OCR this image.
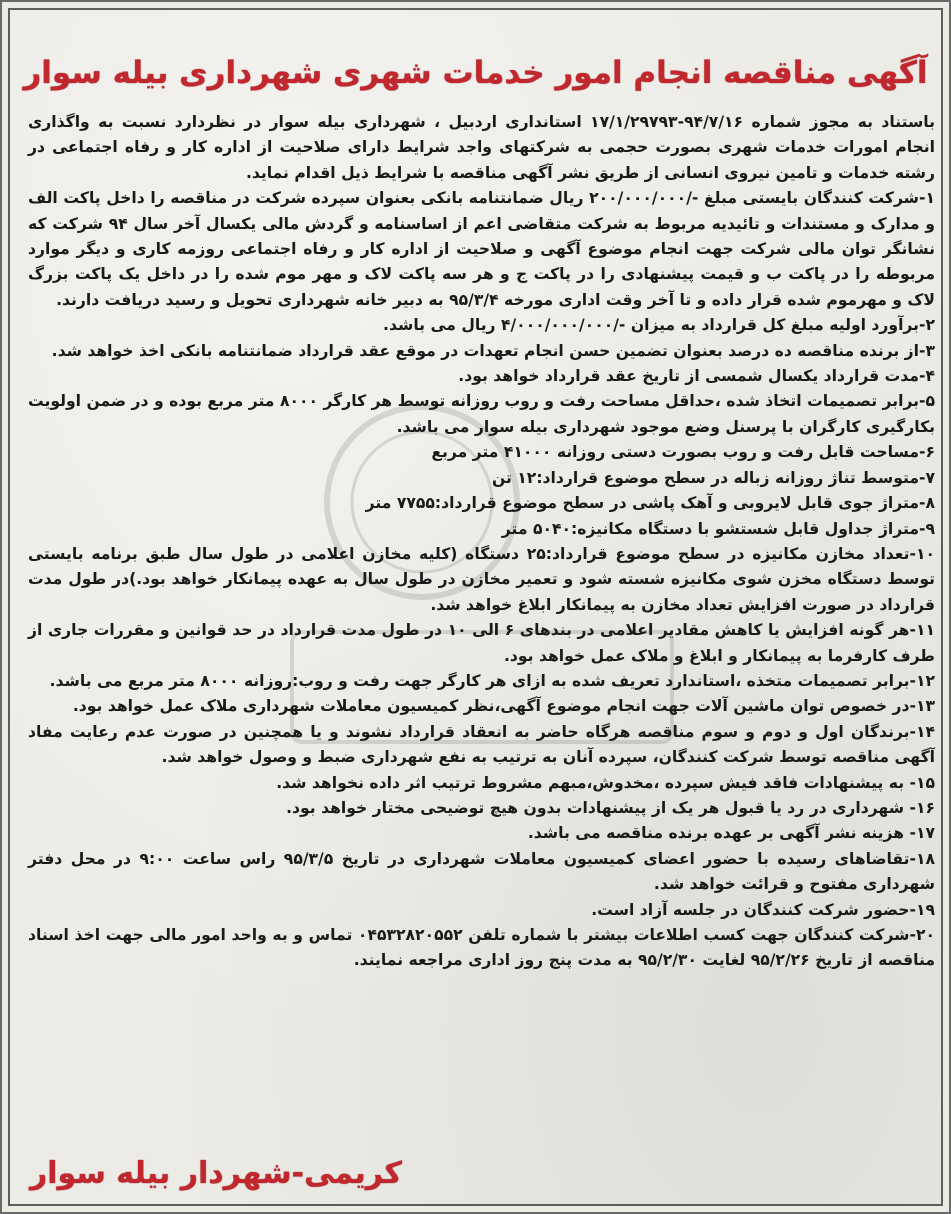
آگهی مناقصه انجام امور خدمات شهری شهرداری بیله سوار

باستناد به مجوز شماره ۹۴/۷/۱۶-۱۷/۱/۲۹۷۹۳ استانداری اردبیل ، شهرداری بیله سوار در نظردارد نسبت به واگذاری انجام امورات خدمات شهری بصورت حجمی به شرکتهای واجد شرایط دارای صلاحیت از اداره کار و رفاه اجتماعی در رشته خدمات و تامین نیروی انسانی از طریق نشر آگهی مناقصه با شرایط ذیل اقدام نماید.

۱-شرکت کنندگان بایستی مبلغ -/۲۰۰/۰۰۰/۰۰۰ ریال ضمانتنامه بانکی بعنوان سپرده شرکت در مناقصه را داخل پاکت الف و مدارک و مستندات و تائیدیه مربوط به شرکت متقاضی اعم از اساسنامه و گردش مالی یکسال آخر سال ۹۴ شرکت که نشانگر توان مالی شرکت جهت انجام موضوع آگهی و صلاحیت از اداره کار و رفاه اجتماعی روزمه کاری و دیگر موارد مربوطه را در پاکت ب و قیمت پیشنهادی را در پاکت ج و هر سه پاکت لاک و مهر موم شده را در داخل یک پاکت بزرگ لاک و مهرموم شده قرار داده و تا آخر وقت اداری مورخه ۹۵/۳/۴ به دبیر خانه شهرداری تحویل و رسید دریافت دارند.

۲-برآورد اولیه مبلغ کل قرارداد به میزان -/۴/۰۰۰/۰۰۰/۰۰۰ ریال می باشد.

۳-از برنده مناقصه ده درصد بعنوان تضمین حسن انجام تعهدات در موقع عقد قرارداد ضمانتنامه بانکی اخذ خواهد شد.

۴-مدت قرارداد یکسال شمسی از تاریخ عقد قرارداد خواهد بود.

۵-برابر تصمیمات اتخاذ شده ،حداقل مساحت رفت و روب روزانه توسط هر کارگر ۸۰۰۰ متر مربع بوده و در ضمن اولویت بکارگیری کارگران با پرسنل وضع موجود شهرداری بیله سوار می باشد.

۶-مساحت قابل رفت و روب بصورت دستی روزانه ۴۱۰۰۰ متر مربع

۷-متوسط تناژ روزانه زباله در سطح موضوع قرارداد:۱۲ تن

۸-متراژ جوی قابل لایروبی و آهک پاشی در سطح موضوع قرارداد:۷۷۵۵ متر

۹-متراژ جداول قابل شستشو با دستگاه مکانیزه:۵۰۴۰ متر

۱۰-تعداد مخازن مکانیزه در سطح موضوع قرارداد:۲۵ دستگاه (کلیه مخازن اعلامی در طول سال طبق برنامه بایستی توسط دستگاه مخزن شوی مکانیزه شسته شود و تعمیر مخازن در طول سال به عهده پیمانکار خواهد بود.)در طول مدت قرارداد در صورت افزایش تعداد مخازن به پیمانکار ابلاغ خواهد شد.

۱۱-هر گونه افزایش یا کاهش مقادیر اعلامی در بندهای ۶ الی ۱۰ در طول مدت قرارداد در حد قوانین و مقررات جاری از طرف کارفرما به پیمانکار و ابلاغ و ملاک عمل خواهد بود.

۱۲-برابر تصمیمات متخذه ،استاندارد تعریف شده به ازای هر کارگر جهت رفت و روب:روزانه ۸۰۰۰ متر مربع می باشد.

۱۳-در خصوص توان ماشین آلات جهت انجام موضوع آگهی،نظر کمیسیون معاملات شهرداری ملاک عمل خواهد بود.

۱۴-برندگان اول و دوم و سوم مناقصه هرگاه حاضر به انعقاد قرارداد نشوند و یا همچنین در صورت عدم رعایت مفاد آگهی مناقصه توسط شرکت کنندگان، سپرده آنان به ترتیب به نفع شهرداری ضبط و وصول خواهد شد.

۱۵- به پیشنهادات فاقد فیش سپرده ،مخدوش،مبهم مشروط ترتیب اثر داده نخواهد شد.

۱۶- شهرداری در رد یا قبول هر یک از پیشنهادات بدون هیچ توضیحی مختار خواهد بود.

۱۷- هزینه نشر آگهی بر عهده برنده مناقصه می باشد.

۱۸-تقاضاهای رسیده با حضور اعضای کمیسیون معاملات شهرداری در تاریخ ۹۵/۳/۵ راس ساعت ۹:۰۰ در محل دفتر شهرداری مفتوح و قرائت خواهد شد.

۱۹-حضور شرکت کنندگان در جلسه آزاد است.

۲۰-شرکت کنندگان جهت کسب اطلاعات بیشتر با شماره تلفن ۰۴۵۳۲۸۲۰۵۵۲ تماس و به واحد امور مالی جهت اخذ اسناد مناقصه از تاریخ ۹۵/۲/۲۶ لغایت ۹۵/۲/۳۰ به مدت پنج روز اداری مراجعه نمایند.

کریمی-شهردار بیله سوار
